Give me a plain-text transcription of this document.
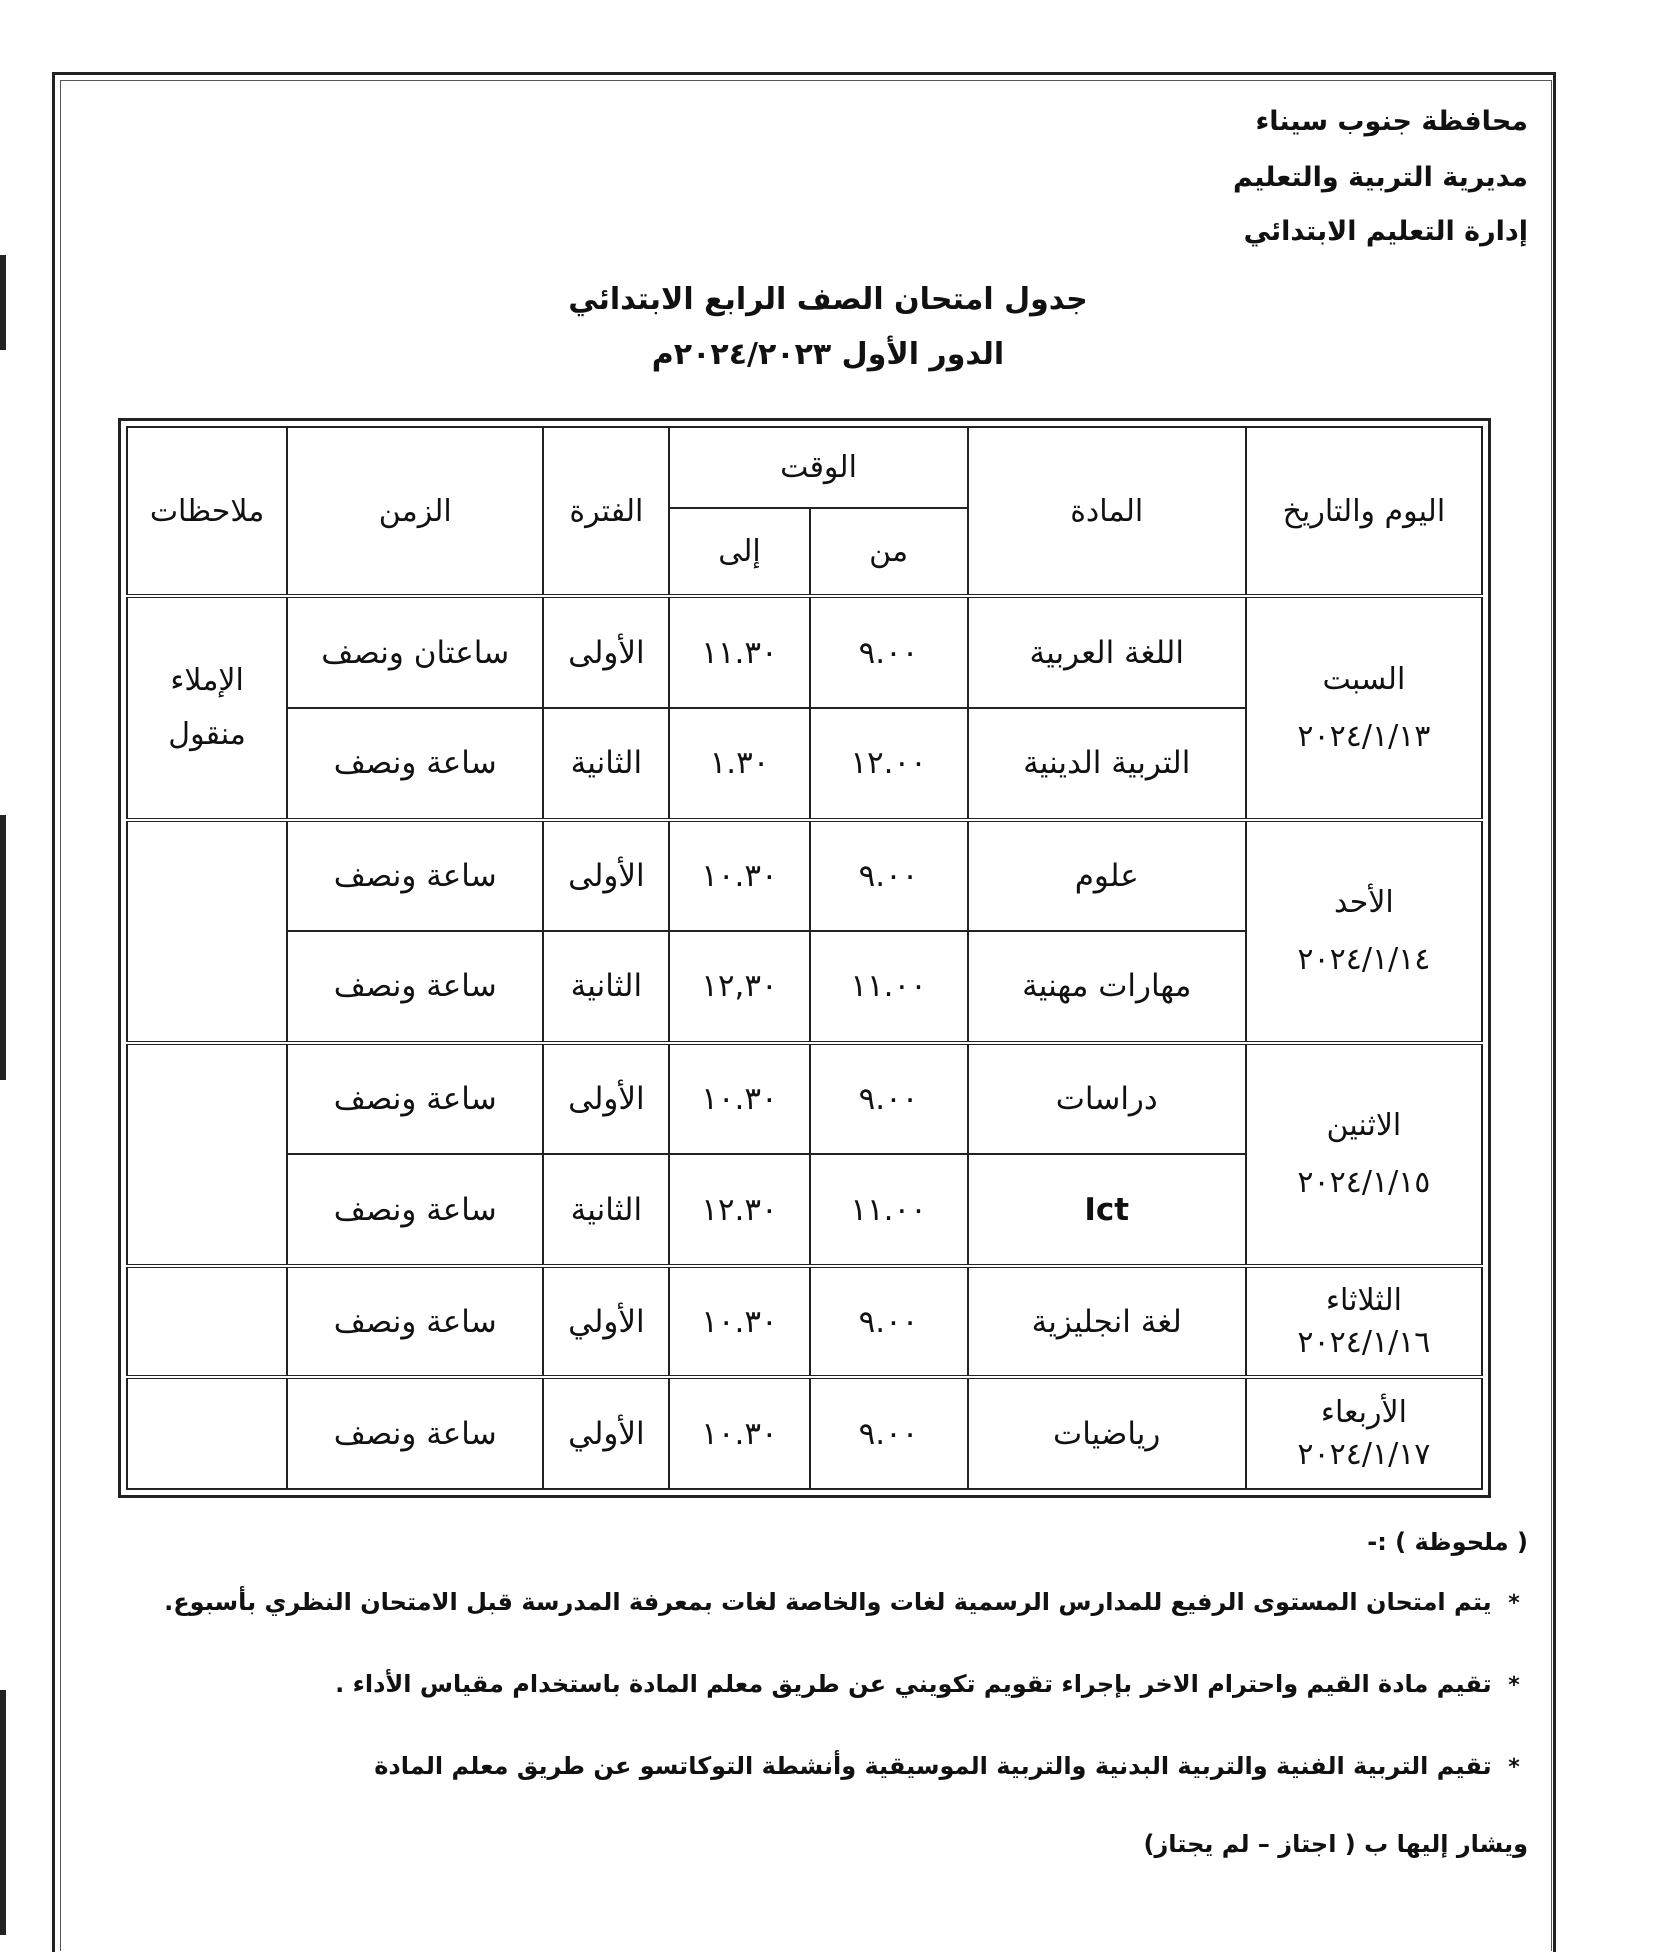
محافظة جنوب سيناء
مديرية التربية والتعليم
إدارة التعليم الابتدائي
جدول امتحان الصف الرابع الابتدائي
الدور الأول ٢٠٢٤/٢٠٢٣م
اليوم والتاريخ	المادة	الوقت		الفترة	الزمن	ملاحظات
		من	إلى			

السبت
٢٠٢٤/١/١٣	اللغة العربية	٩.٠٠	١١.٣٠	الأولى	ساعتان ونصف	الإملاء منقول
	التربية الدينية	١٢.٠٠	١.٣٠	الثانية	ساعة ونصف	

الأحد
٢٠٢٤/١/١٤	علوم	٩.٠٠	١٠.٣٠	الأولى	ساعة ونصف	
	مهارات مهنية	١١.٠٠	١٢,٣٠	الثانية	ساعة ونصف	

الاثنين
٢٠٢٤/١/١٥	دراسات	٩.٠٠	١٠.٣٠	الأولى	ساعة ونصف	
	Ict	١١.٠٠	١٢.٣٠	الثانية	ساعة ونصف	

الثلاثاء
٢٠٢٤/١/١٦	لغة انجليزية	٩.٠٠	١٠.٣٠	الأولي	ساعة ونصف	

الأربعاء
٢٠٢٤/١/١٧	رياضيات	٩.٠٠	١٠.٣٠	الأولي	ساعة ونصف	
( ملحوظة ) :-
* يتم امتحان المستوى الرفيع للمدارس الرسمية لغات والخاصة لغات بمعرفة المدرسة قبل الامتحان النظري بأسبوع.
* تقيم مادة القيم واحترام الاخر بإجراء تقويم تكويني عن طريق معلم المادة باستخدام مقياس الأداء .
* تقيم التربية الفنية والتربية البدنية والتربية الموسيقية وأنشطة التوكاتسو عن طريق معلم المادة
ويشار إليها ب ( اجتاز – لم يجتاز)
